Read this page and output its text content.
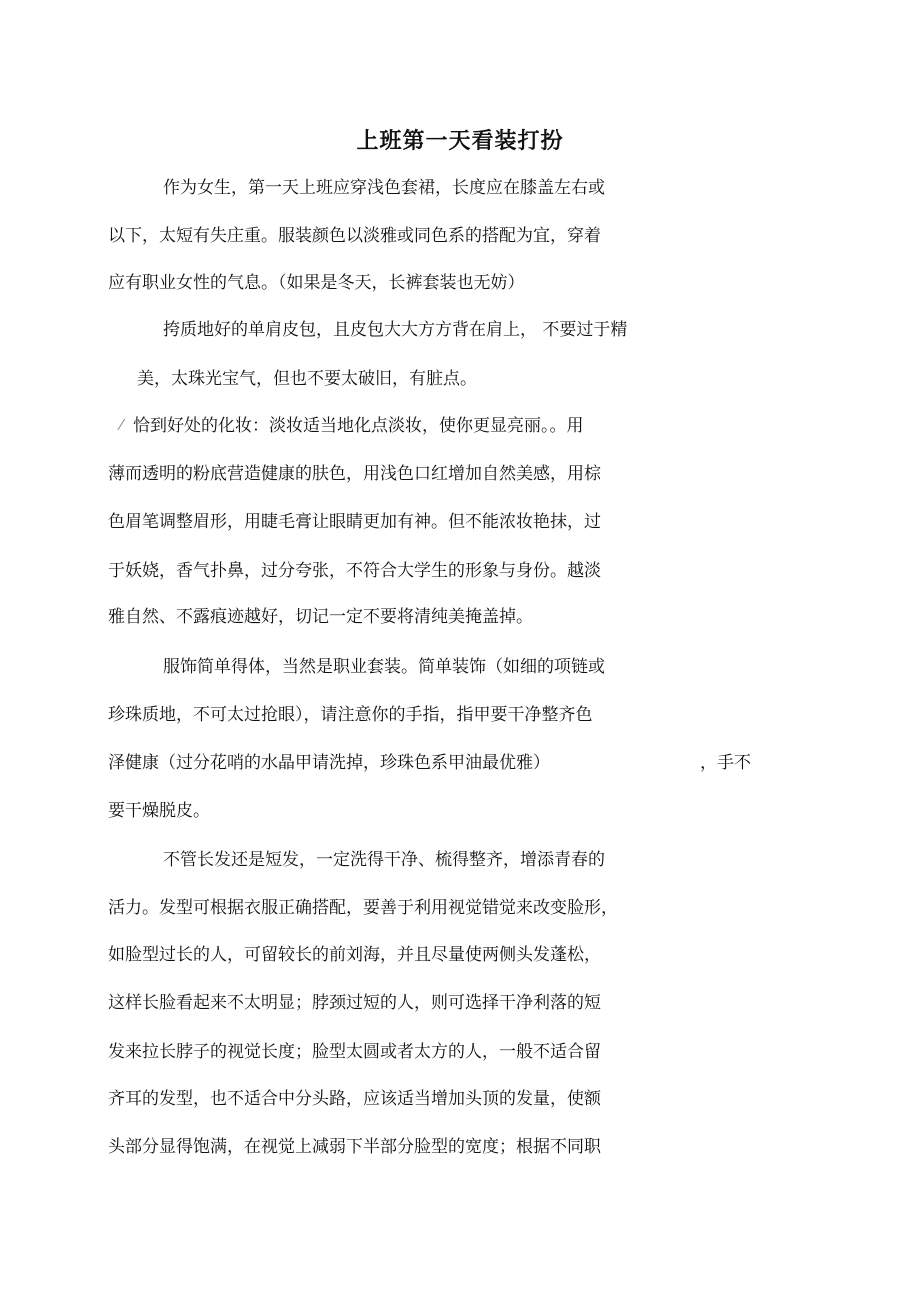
上班第一天看装打扮
⁄
作为女生，第一天上班应穿浅色套裙，长度应在膝盖左右或
以下，太短有失庄重。服装颜色以淡雅或同色系的搭配为宜，穿着
应有职业女性的气息。（如果是冬天，长裤套装也无妨）
挎质地好的单肩皮包，且皮包大大方方背在肩上， 不要过于精
美，太珠光宝气，但也不要太破旧，有脏点。
恰到好处的化妆：淡妆适当地化点淡妆，使你更显亮丽。。用
薄而透明的粉底营造健康的肤色，用浅色口红增加自然美感，用棕
色眉笔调整眉形，用睫毛膏让眼睛更加有神。但不能浓妆艳抹，过
于妖娆，香气扑鼻，过分夸张，不符合大学生的形象与身份。越淡
雅自然、不露痕迹越好，切记一定不要将清纯美掩盖掉。
服饰简单得体，当然是职业套装。简单装饰（如细的项链或
珍珠质地，不可太过抢眼），请注意你的手指，指甲要干净整齐色
泽健康（过分花哨的水晶甲请洗掉，珍珠色系甲油最优雅）	，手不
要干燥脱皮。
不管长发还是短发，一定洗得干净、梳得整齐，增添青春的
活力。发型可根据衣服正确搭配，要善于利用视觉错觉来改变脸形，
如脸型过长的人，可留较长的前刘海，并且尽量使两侧头发蓬松，
这样长脸看起来不太明显；脖颈过短的人，则可选择干净利落的短
发来拉长脖子的视觉长度；脸型太圆或者太方的人，一般不适合留
齐耳的发型，也不适合中分头路，应该适当增加头顶的发量，使额
头部分显得饱满，在视觉上减弱下半部分脸型的宽度；根据不同职
